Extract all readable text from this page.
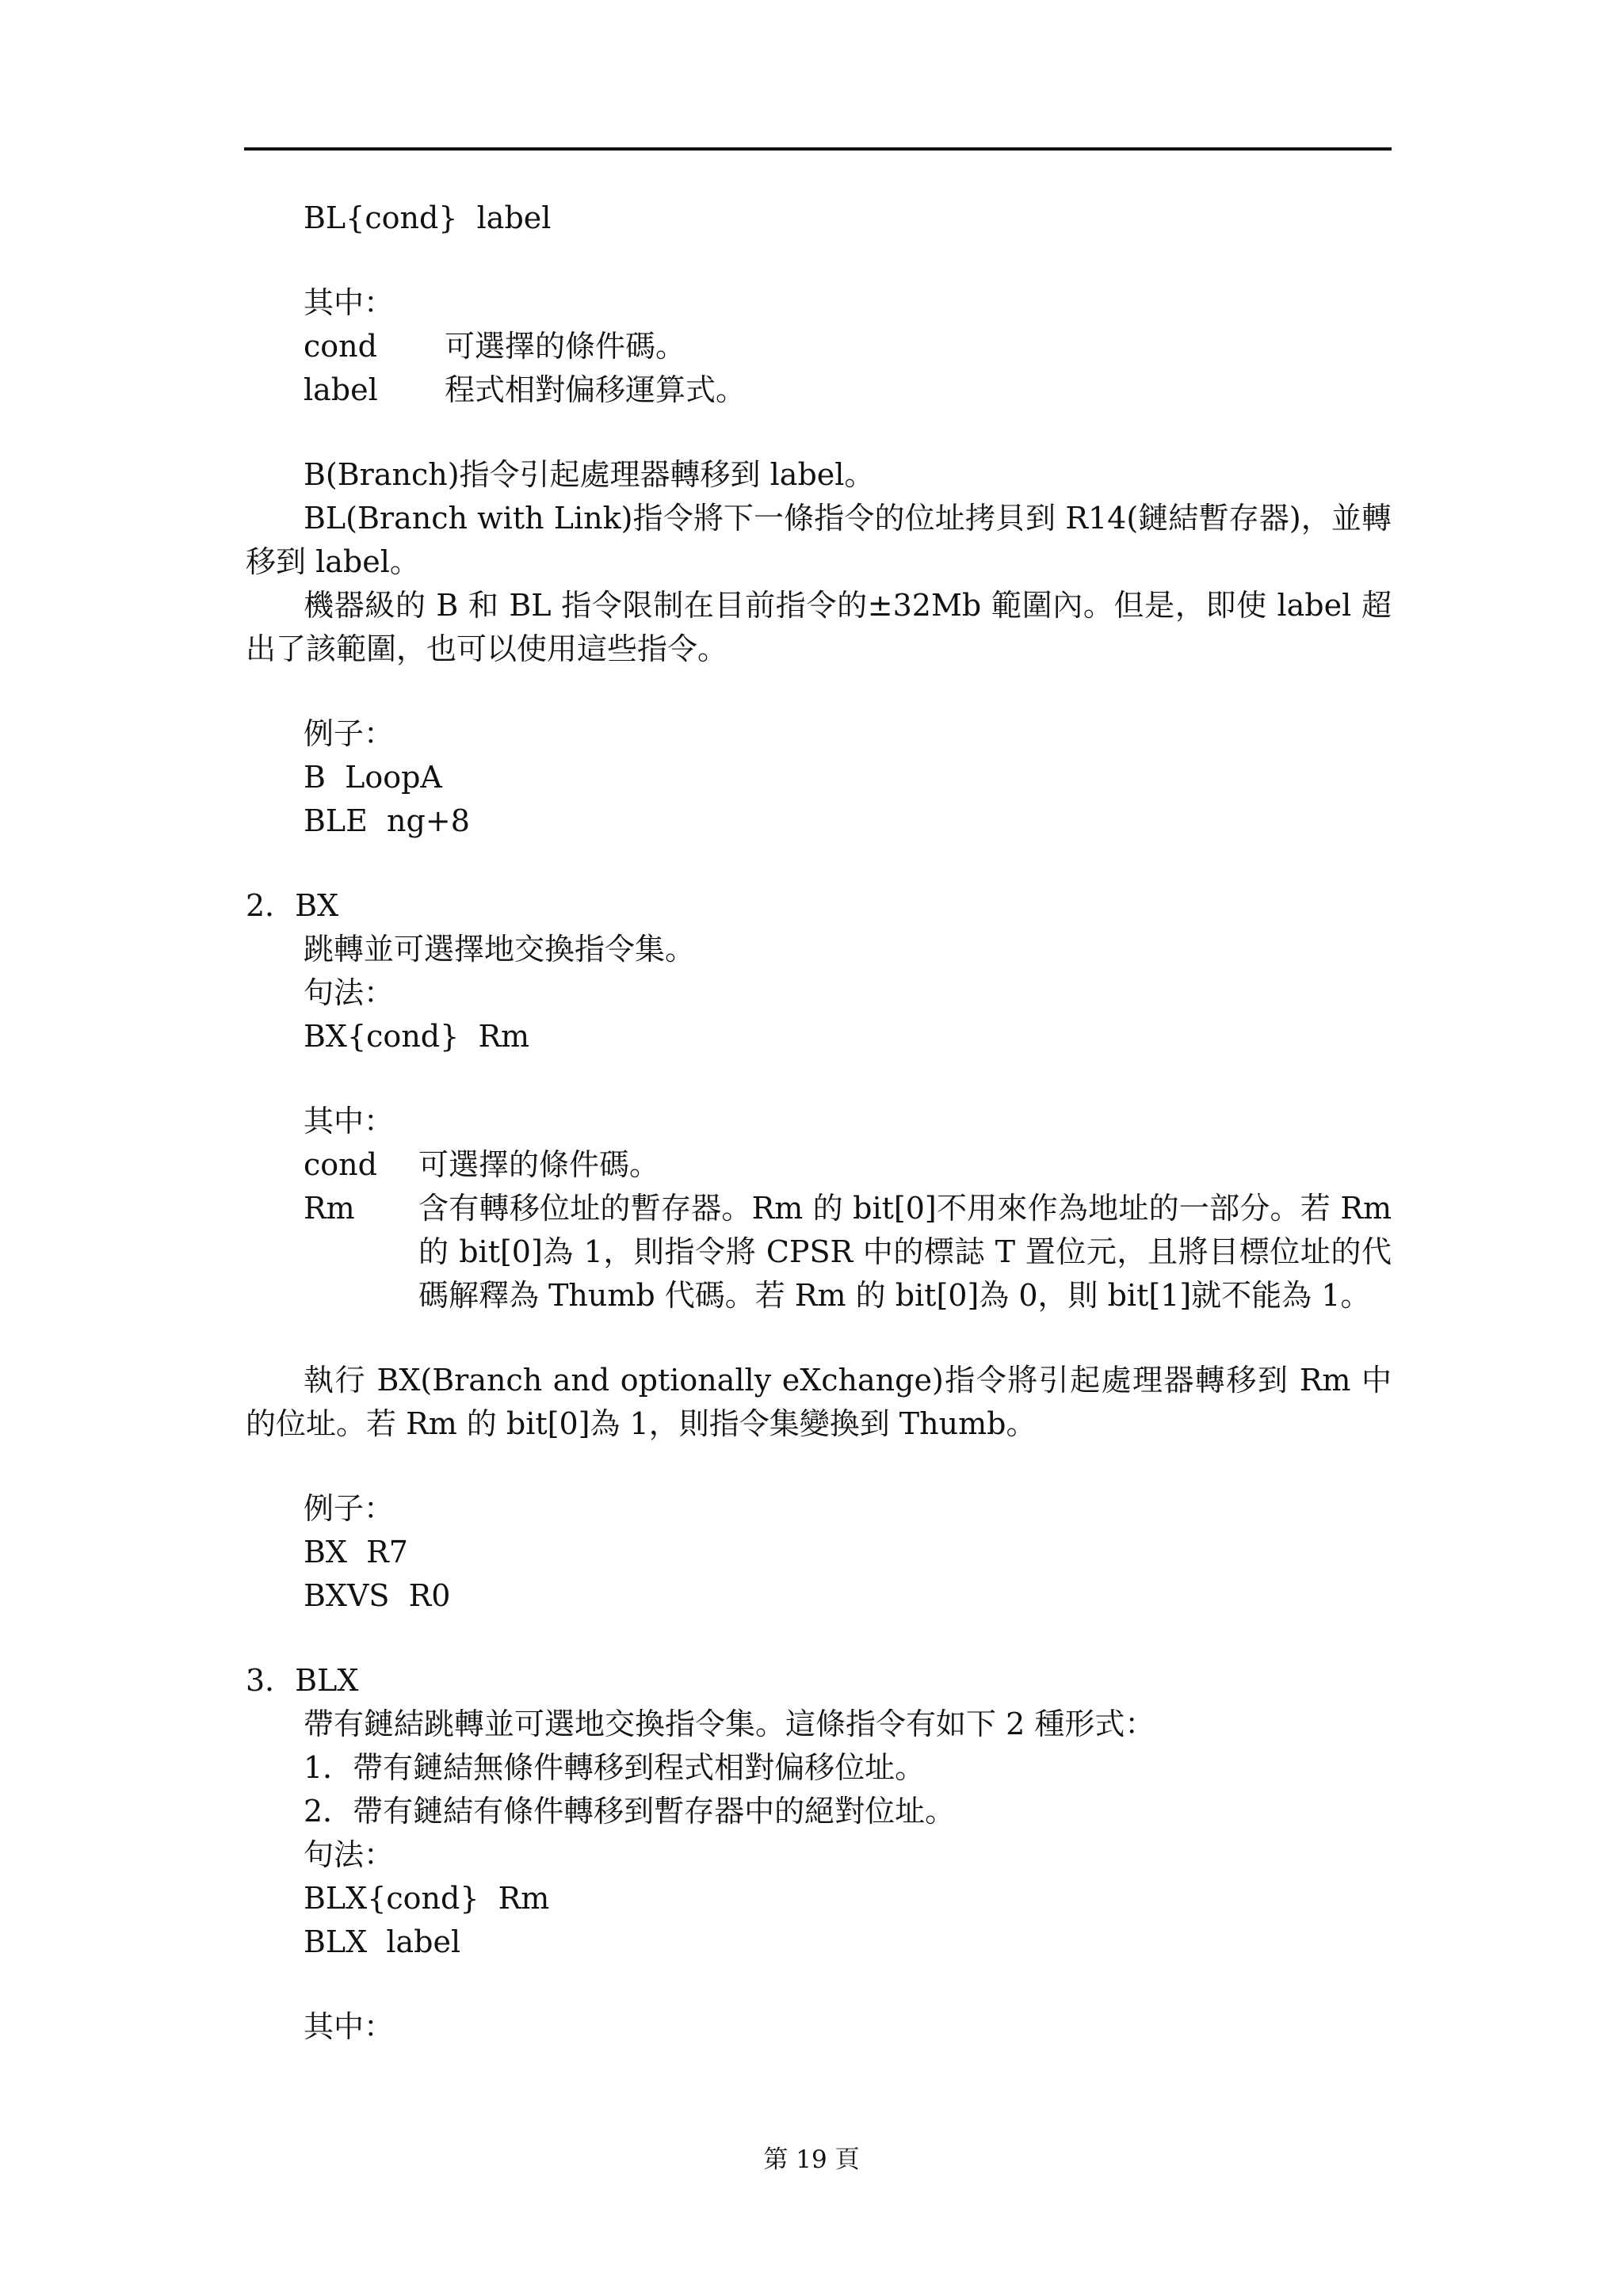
BL{cond}  label
其中：
cond	可選擇的條件碼。
label	程式相對偏移運算式。
B(Branch)指令引起處理器轉移到 label。
BL(Branch with Link)指令將下一條指令的位址拷貝到 R14(鏈結暫存器)，並轉移到 label。
機器級的 B 和 BL 指令限制在目前指令的±32Mb 範圍內。但是，即使 label 超出了該範圍，也可以使用這些指令。
例子：
B  LoopA
BLE  ng+8
2．BX
跳轉並可選擇地交換指令集。
句法：
BX{cond}  Rm
其中：
cond	可選擇的條件碼。
Rm	含有轉移位址的暫存器。Rm 的 bit[0]不用來作為地址的一部分。若 Rm 的 bit[0]為 1，則指令將 CPSR 中的標誌 T 置位元，且將目標位址的代碼解釋為 Thumb 代碼。若 Rm 的 bit[0]為 0，則 bit[1]就不能為 1。
執行 BX(Branch and optionally eXchange)指令將引起處理器轉移到 Rm 中的位址。若 Rm 的 bit[0]為 1，則指令集變換到 Thumb。
例子：
BX  R7
BXVS  R0
3．BLX
帶有鏈結跳轉並可選地交換指令集。這條指令有如下 2 種形式：
1．帶有鏈結無條件轉移到程式相對偏移位址。
2．帶有鏈結有條件轉移到暫存器中的絕對位址。
句法：
BLX{cond}  Rm
BLX  label
其中：
第 19 頁
